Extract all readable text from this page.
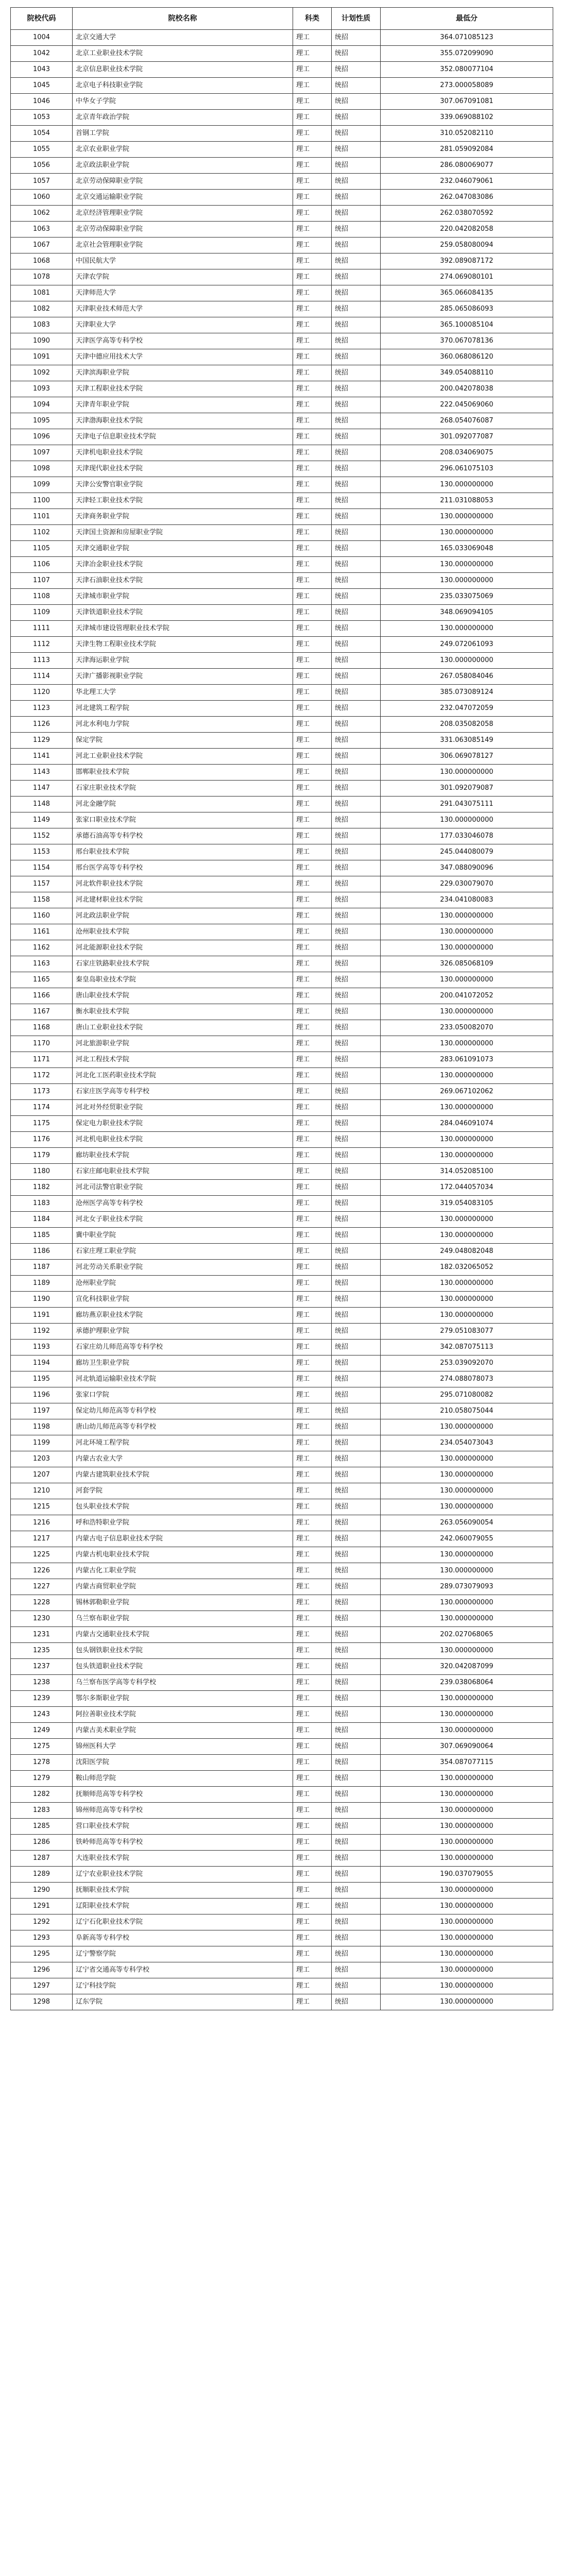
院校代码	院校名称	科类	计划性质	最低分
1004	北京交通大学	理工	统招	364.071085123
1042	北京工业职业技术学院	理工	统招	355.072099090
1043	北京信息职业技术学院	理工	统招	352.080077104
1045	北京电子科技职业学院	理工	统招	273.000058089
1046	中华女子学院	理工	统招	307.067091081
1053	北京青年政治学院	理工	统招	339.069088102
1054	首钢工学院	理工	统招	310.052082110
1055	北京农业职业学院	理工	统招	281.059092084
1056	北京政法职业学院	理工	统招	286.080069077
1057	北京劳动保障职业学院	理工	统招	232.046079061
1060	北京交通运输职业学院	理工	统招	262.047083086
1062	北京经济管理职业学院	理工	统招	262.038070592
1063	北京劳动保障职业学院	理工	统招	220.042082058
1067	北京社会管理职业学院	理工	统招	259.058080094
1068	中国民航大学	理工	统招	392.089087172
1078	天津农学院	理工	统招	274.069080101
1081	天津师范大学	理工	统招	365.066084135
1082	天津职业技术师范大学	理工	统招	285.065086093
1083	天津职业大学	理工	统招	365.100085104
1090	天津医学高等专科学校	理工	统招	370.067078136
1091	天津中德应用技术大学	理工	统招	360.068086120
1092	天津滨海职业学院	理工	统招	349.054088110
1093	天津工程职业技术学院	理工	统招	200.042078038
1094	天津青年职业学院	理工	统招	222.045069060
1095	天津渤海职业技术学院	理工	统招	268.054076087
1096	天津电子信息职业技术学院	理工	统招	301.092077087
1097	天津机电职业技术学院	理工	统招	208.034069075
1098	天津现代职业技术学院	理工	统招	296.061075103
1099	天津公安警官职业学院	理工	统招	130.000000000
1100	天津轻工职业技术学院	理工	统招	211.031088053
1101	天津商务职业学院	理工	统招	130.000000000
1102	天津国土资源和房屋职业学院	理工	统招	130.000000000
1105	天津交通职业学院	理工	统招	165.033069048
1106	天津冶金职业技术学院	理工	统招	130.000000000
1107	天津石油职业技术学院	理工	统招	130.000000000
1108	天津城市职业学院	理工	统招	235.033075069
1109	天津铁道职业技术学院	理工	统招	348.069094105
1111	天津城市建设管理职业技术学院	理工	统招	130.000000000
1112	天津生物工程职业技术学院	理工	统招	249.072061093
1113	天津海运职业学院	理工	统招	130.000000000
1114	天津广播影视职业学院	理工	统招	267.058084046
1120	华北理工大学	理工	统招	385.073089124
1123	河北建筑工程学院	理工	统招	232.047072059
1126	河北水利电力学院	理工	统招	208.035082058
1129	保定学院	理工	统招	331.063085149
1141	河北工业职业技术学院	理工	统招	306.069078127
1143	邯郸职业技术学院	理工	统招	130.000000000
1147	石家庄职业技术学院	理工	统招	301.092079087
1148	河北金融学院	理工	统招	291.043075111
1149	张家口职业技术学院	理工	统招	130.000000000
1152	承德石油高等专科学校	理工	统招	177.033046078
1153	邢台职业技术学院	理工	统招	245.044080079
1154	邢台医学高等专科学校	理工	统招	347.088090096
1157	河北软件职业技术学院	理工	统招	229.030079070
1158	河北建材职业技术学院	理工	统招	234.041080083
1160	河北政法职业学院	理工	统招	130.000000000
1161	沧州职业技术学院	理工	统招	130.000000000
1162	河北能源职业技术学院	理工	统招	130.000000000
1163	石家庄铁路职业技术学院	理工	统招	326.085068109
1165	秦皇岛职业技术学院	理工	统招	130.000000000
1166	唐山职业技术学院	理工	统招	200.041072052
1167	衡水职业技术学院	理工	统招	130.000000000
1168	唐山工业职业技术学院	理工	统招	233.050082070
1170	河北旅游职业学院	理工	统招	130.000000000
1171	河北工程技术学院	理工	统招	283.061091073
1172	河北化工医药职业技术学院	理工	统招	130.000000000
1173	石家庄医学高等专科学校	理工	统招	269.067102062
1174	河北对外经贸职业学院	理工	统招	130.000000000
1175	保定电力职业技术学院	理工	统招	284.046091074
1176	河北机电职业技术学院	理工	统招	130.000000000
1179	廊坊职业技术学院	理工	统招	130.000000000
1180	石家庄邮电职业技术学院	理工	统招	314.052085100
1182	河北司法警官职业学院	理工	统招	172.044057034
1183	沧州医学高等专科学校	理工	统招	319.054083105
1184	河北女子职业技术学院	理工	统招	130.000000000
1185	冀中职业学院	理工	统招	130.000000000
1186	石家庄理工职业学院	理工	统招	249.048082048
1187	河北劳动关系职业学院	理工	统招	182.032065052
1189	沧州职业学院	理工	统招	130.000000000
1190	宣化科技职业学院	理工	统招	130.000000000
1191	廊坊燕京职业技术学院	理工	统招	130.000000000
1192	承德护理职业学院	理工	统招	279.051083077
1193	石家庄幼儿师范高等专科学校	理工	统招	342.087075113
1194	廊坊卫生职业学院	理工	统招	253.039092070
1195	河北轨道运输职业技术学院	理工	统招	274.088078073
1196	张家口学院	理工	统招	295.071080082
1197	保定幼儿师范高等专科学校	理工	统招	210.058075044
1198	唐山幼儿师范高等专科学校	理工	统招	130.000000000
1199	河北环境工程学院	理工	统招	234.054073043
1203	内蒙古农业大学	理工	统招	130.000000000
1207	内蒙古建筑职业技术学院	理工	统招	130.000000000
1210	河套学院	理工	统招	130.000000000
1215	包头职业技术学院	理工	统招	130.000000000
1216	呼和浩特职业学院	理工	统招	263.056090054
1217	内蒙古电子信息职业技术学院	理工	统招	242.060079055
1225	内蒙古机电职业技术学院	理工	统招	130.000000000
1226	内蒙古化工职业学院	理工	统招	130.000000000
1227	内蒙古商贸职业学院	理工	统招	289.073079093
1228	锡林郭勒职业学院	理工	统招	130.000000000
1230	乌兰察布职业学院	理工	统招	130.000000000
1231	内蒙古交通职业技术学院	理工	统招	202.027068065
1235	包头钢铁职业技术学院	理工	统招	130.000000000
1237	包头铁道职业技术学院	理工	统招	320.042087099
1238	乌兰察布医学高等专科学校	理工	统招	239.038068064
1239	鄂尔多斯职业学院	理工	统招	130.000000000
1243	阿拉善职业技术学院	理工	统招	130.000000000
1249	内蒙古美术职业学院	理工	统招	130.000000000
1275	锦州医科大学	理工	统招	307.069090064
1278	沈阳医学院	理工	统招	354.087077115
1279	鞍山师范学院	理工	统招	130.000000000
1282	抚顺师范高等专科学校	理工	统招	130.000000000
1283	锦州师范高等专科学校	理工	统招	130.000000000
1285	营口职业技术学院	理工	统招	130.000000000
1286	铁岭师范高等专科学校	理工	统招	130.000000000
1287	大连职业技术学院	理工	统招	130.000000000
1289	辽宁农业职业技术学院	理工	统招	190.037079055
1290	抚顺职业技术学院	理工	统招	130.000000000
1291	辽阳职业技术学院	理工	统招	130.000000000
1292	辽宁石化职业技术学院	理工	统招	130.000000000
1293	阜新高等专科学校	理工	统招	130.000000000
1295	辽宁警察学院	理工	统招	130.000000000
1296	辽宁省交通高等专科学校	理工	统招	130.000000000
1297	辽宁科技学院	理工	统招	130.000000000
1298	辽东学院	理工	统招	130.000000000
